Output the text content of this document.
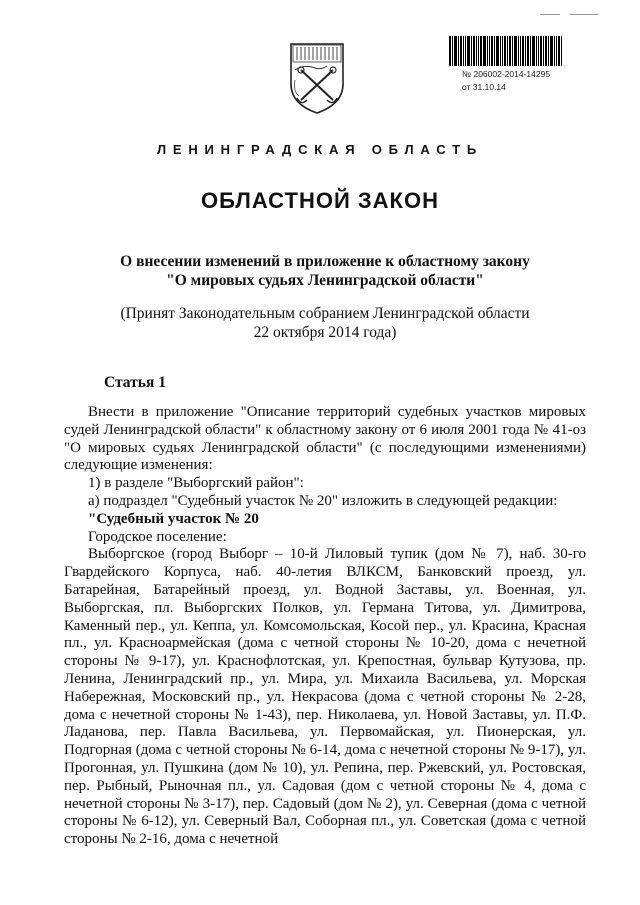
№ 206002-2014-14295
от 31.10.14
ЛЕНИНГРАДСКАЯ ОБЛАСТЬ
ОБЛАСТНОЙ ЗАКОН
О внесении изменений в приложение к областному закону
"О мировых судьях Ленинградской области"
(Принят Законодательным собранием Ленинградской области
22 октября 2014 года)
Статья 1

Внести в приложение "Описание территорий судебных участков мировых судей Ленинградской области" к областному закону от 6 июля 2001 года № 41-оз "О мировых судьях Ленинградской области" (с последующими изменениями) следующие изменения:

1) в разделе "Выборгский район":

а) подраздел "Судебный участок № 20" изложить в следующей редакции:

"Судебный участок № 20

Городское поселение:

Выборгское (город Выборг – 10-й Лиловый тупик (дом № 7), наб. 30-го Гвардейского Корпуса, наб. 40-летия ВЛКСМ, Банковский проезд, ул. Батарейная, Батарейный проезд, ул. Водной Заставы, ул. Военная, ул. Выборгская, пл. Выборгских Полков, ул. Германа Титова, ул. Димитрова, Каменный пер., ул. Кеппа, ул. Комсомольская, Косой пер., ул. Красина, Красная пл., ул. Красноармейская (дома с четной стороны № 10-20, дома с нечетной стороны № 9-17), ул. Краснофлотская, ул. Крепостная, бульвар Кутузова, пр. Ленина, Ленинградский пр., ул. Мира, ул. Михаила Васильева, ул. Морская Набережная, Московский пр., ул. Некрасова (дома с четной стороны № 2-28, дома с нечетной стороны № 1-43), пер. Николаева, ул. Новой Заставы, ул. П.Ф. Ладанова, пер. Павла Васильева, ул. Первомайская, ул. Пионерская, ул. Подгорная (дома с четной стороны № 6-14, дома с нечетной стороны № 9-17), ул. Прогонная, ул. Пушкина (дом № 10), ул. Репина, пер. Ржевский, ул. Ростовская, пер. Рыбный, Рыночная пл., ул. Садовая (дом с четной стороны № 4, дома с нечетной стороны № 3-17), пер. Садовый (дом № 2), ул. Северная (дома с четной стороны № 6-12), ул. Северный Вал, Соборная пл., ул. Советская (дома с четной стороны № 2-16, дома с нечетной
